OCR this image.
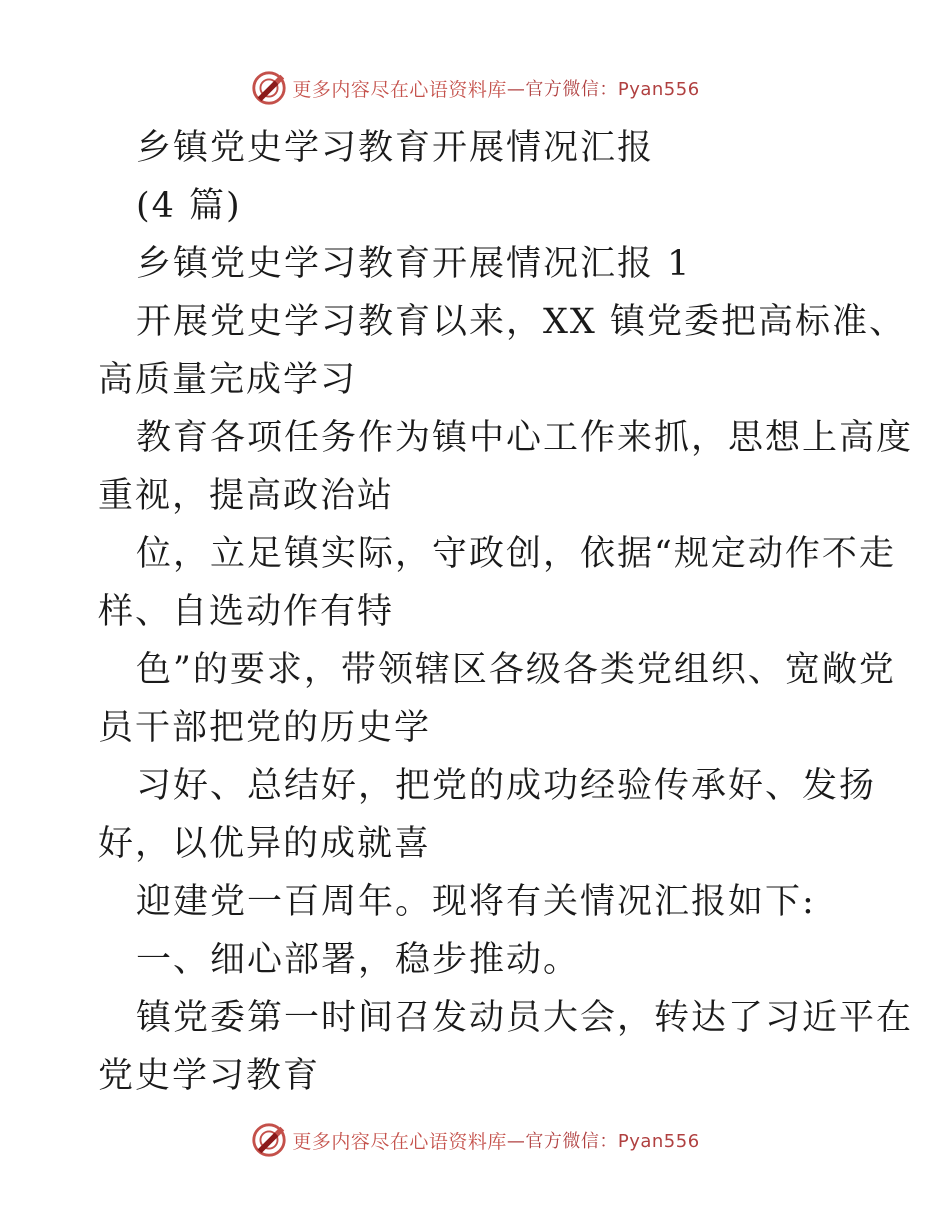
更多内容尽在心语资料库 —官方微信：Pyan556
乡镇党史学习教育开展情况汇报
(4 篇)
乡镇党史学习教育开展情况汇报 1
开展党史学习教育以来，XX 镇党委把高标准、
高质量完成学习
教育各项任务作为镇中心工作来抓，思想上高度
重视，提高政治站
位，立足镇实际，守政创，依据“规定动作不走
样、自选动作有特
色”的要求，带领辖区各级各类党组织、宽敞党
员干部把党的历史学
习好、总结好，把党的成功经验传承好、发扬
好，以优异的成就喜
迎建党一百周年。现将有关情况汇报如下:
一、细心部署，稳步推动。
镇党委第一时间召发动员大会，转达了习近平在
党史学习教育
更多内容尽在心语资料库 —官方微信：Pyan556
